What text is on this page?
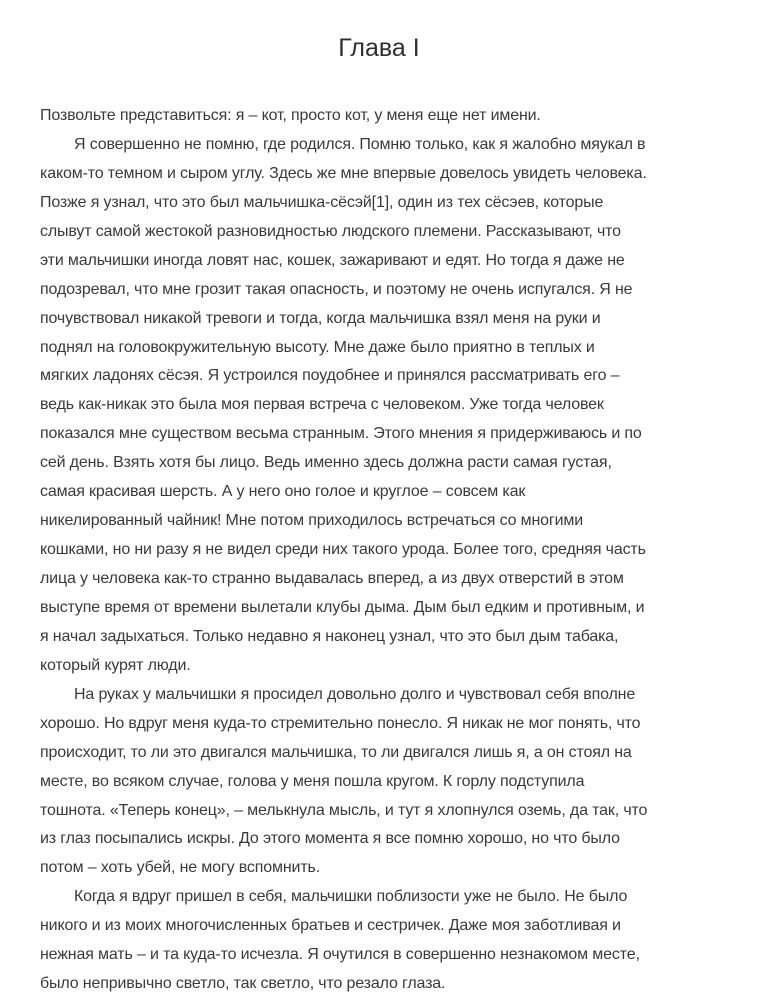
Глава I
Позвольте представиться: я – кот, просто кот, у меня еще нет имени.
Я совершенно не помню, где родился. Помню только, как я жалобно мяукал в
каком-то темном и сыром углу. Здесь же мне впервые довелось увидеть человека.
Позже я узнал, что это был мальчишка-сёсэй[1], один из тех сёсэев, которые
слывут самой жестокой разновидностью людского племени. Рассказывают, что
эти мальчишки иногда ловят нас, кошек, зажаривают и едят. Но тогда я даже не
подозревал, что мне грозит такая опасность, и поэтому не очень испугался. Я не
почувствовал никакой тревоги и тогда, когда мальчишка взял меня на руки и
поднял на головокружительную высоту. Мне даже было приятно в теплых и
мягких ладонях сёсэя. Я устроился поудобнее и принялся рассматривать его –
ведь как-никак это была моя первая встреча с человеком. Уже тогда человек
показался мне существом весьма странным. Этого мнения я придерживаюсь и по
сей день. Взять хотя бы лицо. Ведь именно здесь должна расти самая густая,
самая красивая шерсть. А у него оно голое и круглое – совсем как
никелированный чайник! Мне потом приходилось встречаться со многими
кошками, но ни разу я не видел среди них такого урода. Более того, средняя часть
лица у человека как-то странно выдавалась вперед, а из двух отверстий в этом
выступе время от времени вылетали клубы дыма. Дым был едким и противным, и
я начал задыхаться. Только недавно я наконец узнал, что это был дым табака,
который курят люди.
На руках у мальчишки я просидел довольно долго и чувствовал себя вполне
хорошо. Но вдруг меня куда-то стремительно понесло. Я никак не мог понять, что
происходит, то ли это двигался мальчишка, то ли двигался лишь я, а он стоял на
месте, во всяком случае, голова у меня пошла кругом. К горлу подступила
тошнота. «Теперь конец», – мелькнула мысль, и тут я хлопнулся оземь, да так, что
из глаз посыпались искры. До этого момента я все помню хорошо, но что было
потом – хоть убей, не могу вспомнить.
Когда я вдруг пришел в себя, мальчишки поблизости уже не было. Не было
никого и из моих многочисленных братьев и сестричек. Даже моя заботливая и
нежная мать – и та куда-то исчезла. Я очутился в совершенно незнакомом месте,
было непривычно светло, так светло, что резало глаза.
